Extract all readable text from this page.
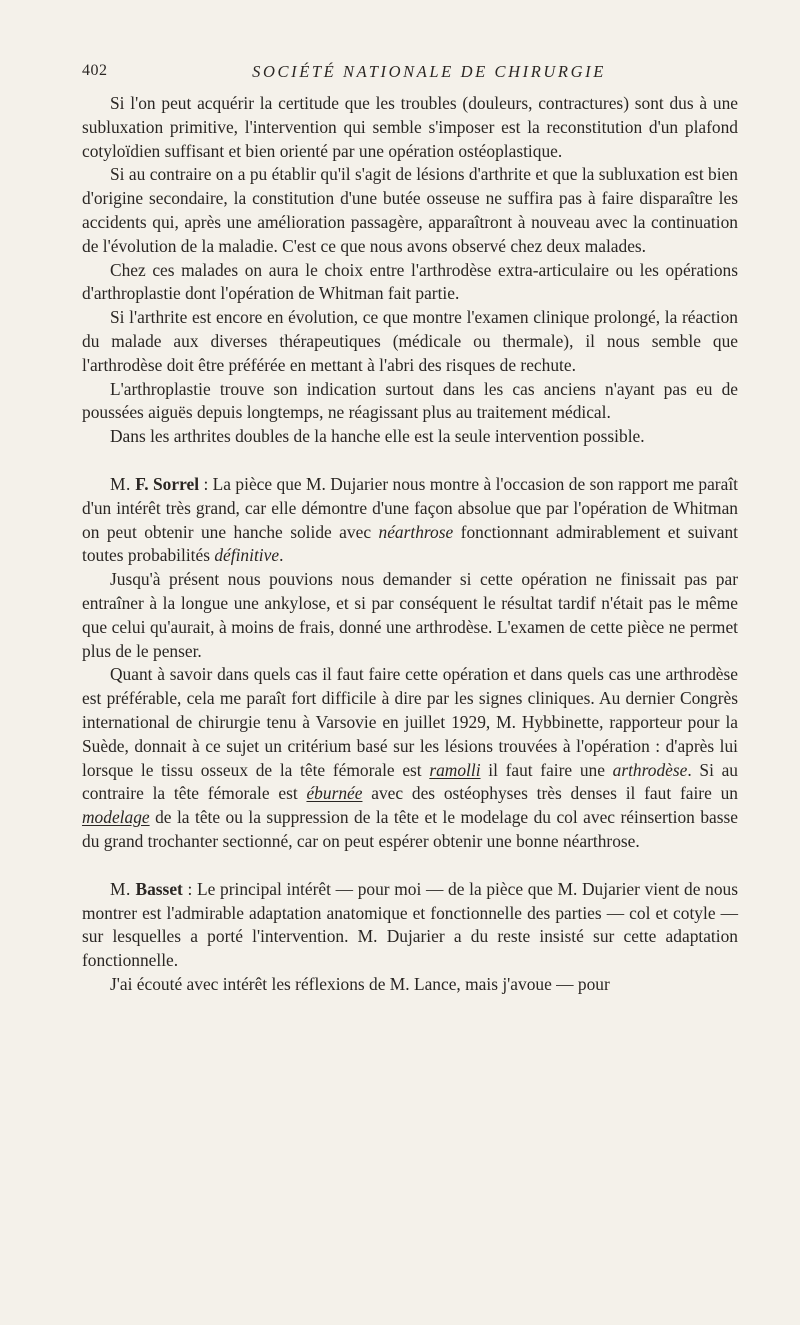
402	SOCIÉTÉ NATIONALE DE CHIRURGIE

Si l'on peut acquérir la certitude que les troubles (douleurs, contractures) sont dus à une subluxation primitive, l'intervention qui semble s'imposer est la reconstitution d'un plafond cotyloïdien suffisant et bien orienté par une opération ostéoplastique.

Si au contraire on a pu établir qu'il s'agit de lésions d'arthrite et que la subluxation est bien d'origine secondaire, la constitution d'une butée osseuse ne suffira pas à faire disparaître les accidents qui, après une amélioration passagère, apparaîtront à nouveau avec la continuation de l'évolution de la maladie. C'est ce que nous avons observé chez deux malades.

Chez ces malades on aura le choix entre l'arthrodèse extra-articulaire ou les opérations d'arthroplastie dont l'opération de Whitman fait partie.

Si l'arthrite est encore en évolution, ce que montre l'examen clinique prolongé, la réaction du malade aux diverses thérapeutiques (médicale ou thermale), il nous semble que l'arthrodèse doit être préférée en mettant à l'abri des risques de rechute.

L'arthroplastie trouve son indication surtout dans les cas anciens n'ayant pas eu de poussées aiguës depuis longtemps, ne réagissant plus au traitement médical.

Dans les arthrites doubles de la hanche elle est la seule intervention possible.

M. F. Sorrel : La pièce que M. Dujarier nous montre à l'occasion de son rapport me paraît d'un intérêt très grand, car elle démontre d'une façon absolue que par l'opération de Whitman on peut obtenir une hanche solide avec néarthrose fonctionnant admirablement et suivant toutes probabilités définitive.

Jusqu'à présent nous pouvions nous demander si cette opération ne finissait pas par entraîner à la longue une ankylose, et si par conséquent le résultat tardif n'était pas le même que celui qu'aurait, à moins de frais, donné une arthrodèse. L'examen de cette pièce ne permet plus de le penser.

Quant à savoir dans quels cas il faut faire cette opération et dans quels cas une arthrodèse est préférable, cela me paraît fort difficile à dire par les signes cliniques. Au dernier Congrès international de chirurgie tenu à Varsovie en juillet 1929, M. Hybbinette, rapporteur pour la Suède, donnait à ce sujet un critérium basé sur les lésions trouvées à l'opération : d'après lui lorsque le tissu osseux de la tête fémorale est ramolli il faut faire une arthrodèse. Si au contraire la tête fémorale est éburnée avec des ostéophyses très denses il faut faire un modelage de la tête ou la suppression de la tête et le modelage du col avec réinsertion basse du grand trochanter sectionné, car on peut espérer obtenir une bonne néarthrose.

M. Basset : Le principal intérêt — pour moi — de la pièce que M. Dujarier vient de nous montrer est l'admirable adaptation anatomique et fonctionnelle des parties — col et cotyle — sur lesquelles a porté l'intervention. M. Dujarier a du reste insisté sur cette adaptation fonctionnelle.

J'ai écouté avec intérêt les réflexions de M. Lance, mais j'avoue — pour
